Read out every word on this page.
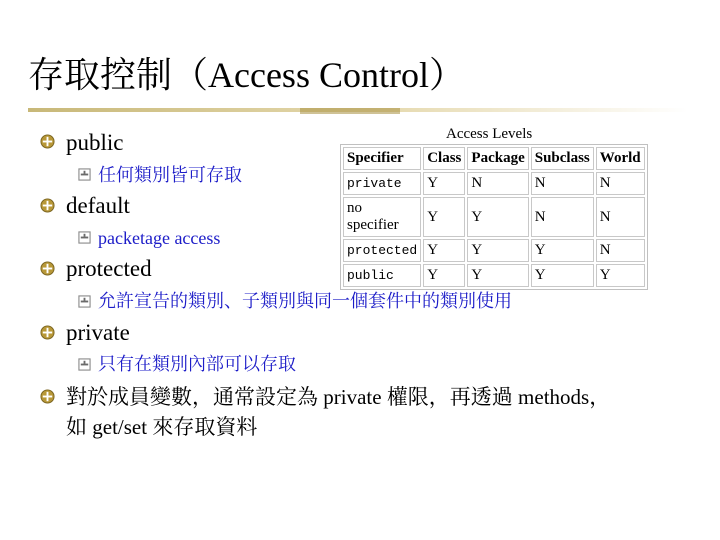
存取控制（Access Control）
public
任何類別皆可存取
default
packetage access
protected
允許宣告的類別、子類別與同一個套件中的類別使用
private
只有在類別內部可以存取
對於成員變數，通常設定為 private 權限，再透過 methods，
如 get/set 來存取資料
Access Levels
Specifier	Class	Package	Subclass	World
private	Y	N	N	N
no specifier	Y	Y	N	N
protected	Y	Y	Y	N
public	Y	Y	Y	Y
